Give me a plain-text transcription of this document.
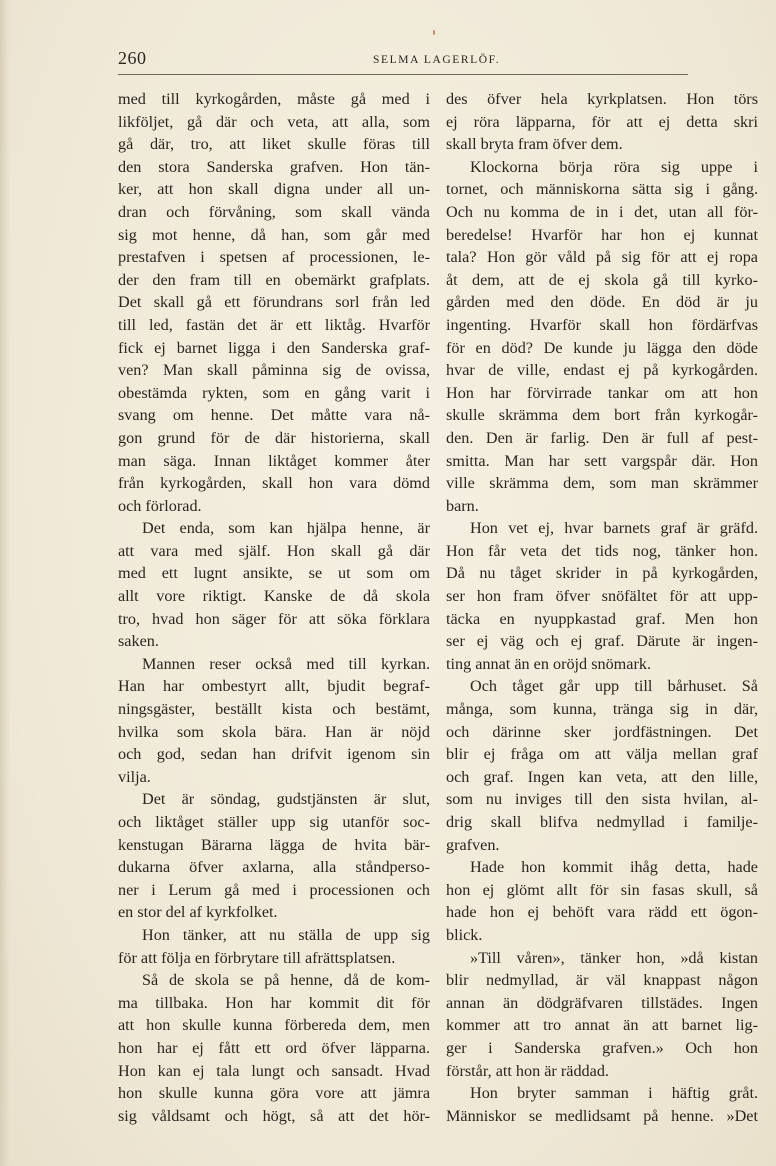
260	SELMA LAGERLÖF.
med till kyrkogården, måste gå med i
likföljet, gå där och veta, att alla, som
gå där, tro, att liket skulle föras till
den stora Sanderska grafven. Hon tän-
ker, att hon skall digna under all un-
dran och förvåning, som skall vända
sig mot henne, då han, som går med
prestafven i spetsen af processionen, le-
der den fram till en obemärkt grafplats.
Det skall gå ett förundrans sorl från led
till led, fastän det är ett liktåg. Hvarför
fick ej barnet ligga i den Sanderska graf-
ven? Man skall påminna sig de ovissa,
obestämda rykten, som en gång varit i
svang om henne. Det måtte vara nå-
gon grund för de där historierna, skall
man säga. Innan liktåget kommer åter
från kyrkogården, skall hon vara dömd
och förlorad.
Det enda, som kan hjälpa henne, är
att vara med själf. Hon skall gå där
med ett lugnt ansikte, se ut som om
allt vore riktigt. Kanske de då skola
tro, hvad hon säger för att söka förklara
saken.
Mannen reser också med till kyrkan.
Han har ombestyrt allt, bjudit begraf-
ningsgäster, beställt kista och bestämt,
hvilka som skola bära. Han är nöjd
och god, sedan han drifvit igenom sin
vilja.
Det är söndag, gudstjänsten är slut,
och liktåget ställer upp sig utanför soc-
kenstugan Bärarna lägga de hvita bär-
dukarna öfver axlarna, alla ståndperso-
ner i Lerum gå med i processionen och
en stor del af kyrkfolket.
Hon tänker, att nu ställa de upp sig
för att följa en förbrytare till afrättsplatsen.
Så de skola se på henne, då de kom-
ma tillbaka. Hon har kommit dit för
att hon skulle kunna förbereda dem, men
hon har ej fått ett ord öfver läpparna.
Hon kan ej tala lungt och sansadt. Hvad
hon skulle kunna göra vore att jämra
sig våldsamt och högt, så att det hör-
des öfver hela kyrkplatsen. Hon törs
ej röra läpparna, för att ej detta skri
skall bryta fram öfver dem.
Klockorna börja röra sig uppe i
tornet, och människorna sätta sig i gång.
Och nu komma de in i det, utan all för-
beredelse! Hvarför har hon ej kunnat
tala? Hon gör våld på sig för att ej ropa
åt dem, att de ej skola gå till kyrko-
gården med den döde. En död är ju
ingenting. Hvarför skall hon fördärfvas
för en död? De kunde ju lägga den döde
hvar de ville, endast ej på kyrkogården.
Hon har förvirrade tankar om att hon
skulle skrämma dem bort från kyrkogår-
den. Den är farlig. Den är full af pest-
smitta. Man har sett vargspår där. Hon
ville skrämma dem, som man skrämmer
barn.
Hon vet ej, hvar barnets graf är gräfd.
Hon får veta det tids nog, tänker hon.
Då nu tåget skrider in på kyrkogården,
ser hon fram öfver snöfältet för att upp-
täcka en nyuppkastad graf. Men hon
ser ej väg och ej graf. Därute är ingen-
ting annat än en oröjd snömark.
Och tåget går upp till bårhuset. Så
många, som kunna, tränga sig in där,
och därinne sker jordfästningen. Det
blir ej fråga om att välja mellan graf
och graf. Ingen kan veta, att den lille,
som nu inviges till den sista hvilan, al-
drig skall blifva nedmyllad i familje-
grafven.
Hade hon kommit ihåg detta, hade
hon ej glömt allt för sin fasas skull, så
hade hon ej behöft vara rädd ett ögon-
blick.
»Till våren», tänker hon, »då kistan
blir nedmyllad, är väl knappast någon
annan än dödgräfvaren tillstädes. Ingen
kommer att tro annat än att barnet lig-
ger i Sanderska grafven.» Och hon
förstår, att hon är räddad.
Hon bryter samman i häftig gråt.
Människor se medlidsamt på henne. »Det
